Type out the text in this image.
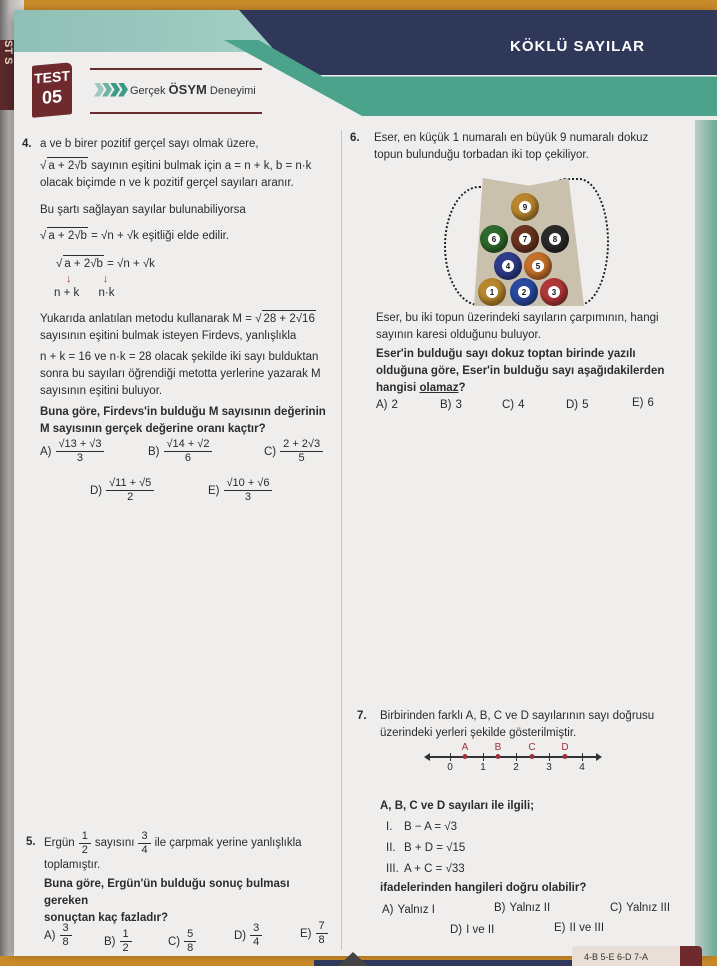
ST S	KÖKLÜ SAYILAR
TEST
05	Gerçek ÖSYM Deneyimi
4. a ve b birer pozitif gerçel sayı olmak üzere,
√ a + 2√b sayının eşitini bulmak için a = n + k, b = n·k
olacak biçimde n ve k pozitif gerçel sayıları aranır.
Bu şartı sağlayan sayılar bulunabiliyorsa
√ a + 2√b = √n + √k eşitliği elde edilir.
√ a + 2√b = √n + √k
↓	↓
n + k n·k
Yukarıda anlatılan metodu kullanarak M = √ 28 + 2√16
sayısının eşitini bulmak isteyen Firdevs, yanlışlıkla
n + k = 16 ve n·k = 28 olacak şekilde iki sayı bulduktan
sonra bu sayıları öğrendiği metotta yerlerine yazarak M
sayısının eşitini buluyor.
Buna göre, Firdevs'in bulduğu M sayısının değerinin
M sayısının gerçek değerine oranı kaçtır?
$A) \frac{√13 + √3}{3}$	$B) \frac{√14 + √2}{6}$	$C) \frac{2 + 2√3}{5}$
$D) \frac{√11 + √5}{2}$	$E) \frac{√10 + √6}{3}$
5. Ergün $\frac{1}{2}$ sayısını $\frac{3}{4}$ ile çarpmak yerine yanlışlıkla
toplamıştır.
Buna göre, Ergün'ün bulduğu sonuç bulması gereken
sonuçtan kaç fazladır?
$A) \frac{3}{8}$	$B) \frac{1}{2}$	$C) \frac{5}{8}$	$D) \frac{3}{4}$	$E) \frac{7}{8}$
6. Eser, en küçük 1 numaralı en büyük 9 numaralı dokuz
topun bulunduğu torbadan iki top çekiliyor.
9
6	7	8
4	5
1	2	3
Eser, bu iki topun üzerindeki sayıların çarpımının, hangi
sayının karesi olduğunu buluyor.
Eser'in bulduğu sayı dokuz toptan birinde yazılı
olduğuna göre, Eser'in bulduğu sayı aşağıdakilerden
hangisi olamaz?
A) 2	B) 3	C) 4	D) 5	E) 6
7. Birbirinden farklı A, B, C ve D sayılarının sayı doğrusu
üzerindeki yerleri şekilde gösterilmiştir.
0	1	2	3	4
A	B	C	D
A, B, C ve D sayıları ile ilgili;
I. B − A = √3
II. B + D = √15
III. A + C = √33
ifadelerinden hangileri doğru olabilir?
A) Yalnız I	B) Yalnız II	C) Yalnız III
D) I ve II	E) II ve III
4-B 5-E 6-D 7-A
